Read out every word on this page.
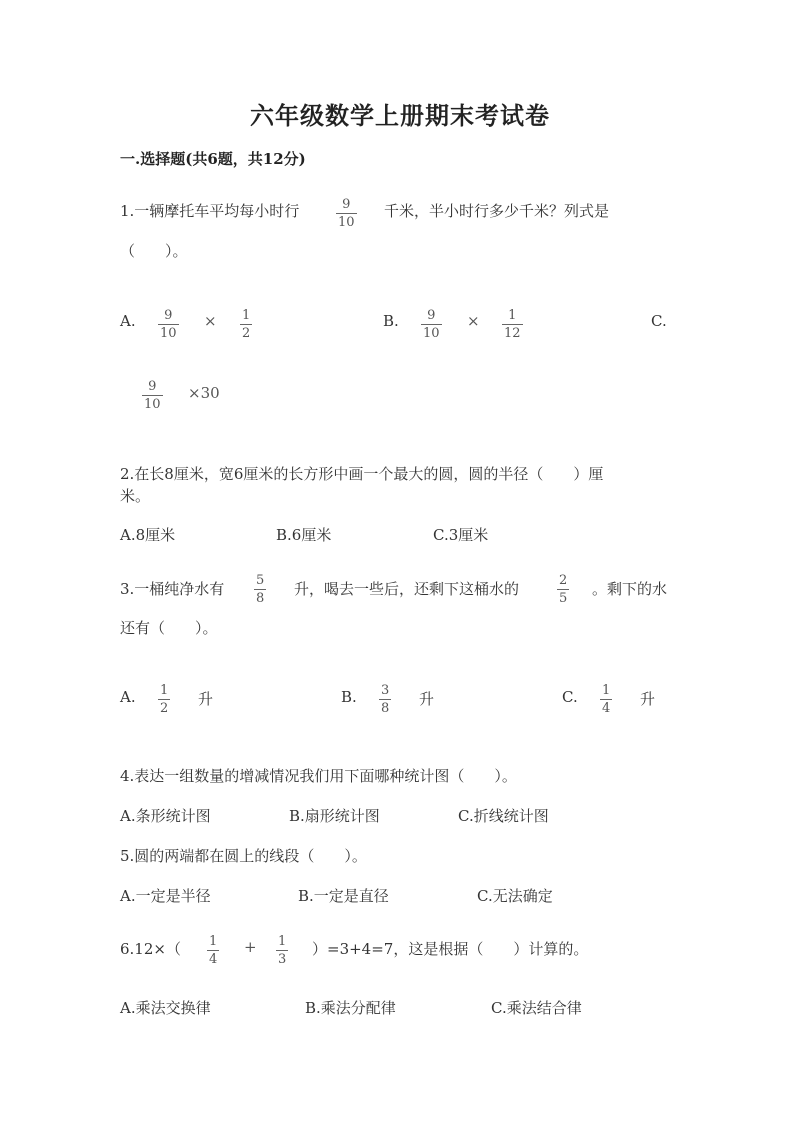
六年级数学上册期末考试卷
一.选择题(共6题，共12分)
1.一辆摩托车平均每小时行	9
10
千米，半小时行多少千米？列式是
（　　）。
A. 9
10
× 1
2
B. 9
10
× 1
12
C.
9
10
×30
2.在长8厘米，宽6厘米的长方形中画一个最大的圆，圆的半径（　　）厘
米。
A.8厘米	B.6厘米	C.3厘米
3.一桶纯净水有 5
8
升，喝去一些后，还剩下这桶水的	2
5
。剩下的水
还有（　　）。
A. 1
2
升	B. 3
8
升	C. 1
4
升
4.表达一组数量的增减情况我们用下面哪种统计图（　　）。
A.条形统计图	B.扇形统计图	C.折线统计图
5.圆的两端都在圆上的线段（　　）。
A.一定是半径	B.一定是直径	C.无法确定
6.12×（ 1
4
+ 1
3
）=3+4=7，这是根据（　　）计算的。
A.乘法交换律	B.乘法分配律	C.乘法结合律
